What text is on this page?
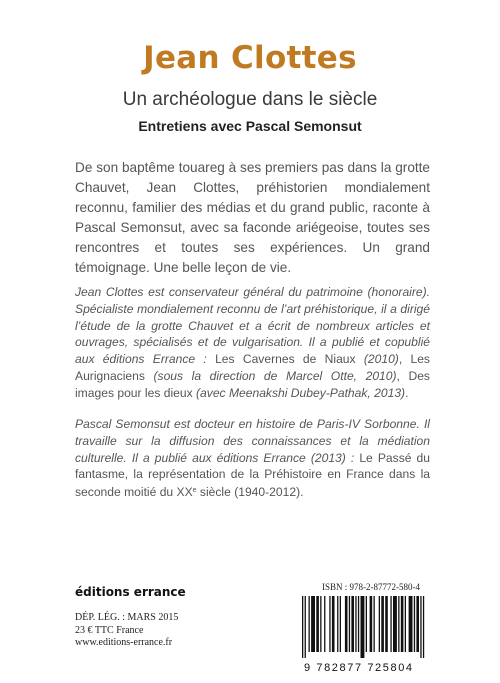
Jean Clottes
Un archéologue dans le siècle
Entretiens avec Pascal Semonsut

De son baptême touareg à ses premiers pas dans la grotte Chauvet, Jean Clottes, préhistorien mondialement reconnu, familier des médias et du grand public, raconte à Pascal Semonsut, avec sa faconde ariégeoise, toutes ses rencontres et toutes ses expériences. Un grand témoignage. Une belle leçon de vie.

Jean Clottes est conservateur général du patrimoine (honoraire). Spécialiste mondialement reconnu de l’art préhistorique, il a dirigé l’étude de la grotte Chauvet et a écrit de nombreux articles et ouvrages, spécialisés et de vulgarisation. Il a publié et copublié aux éditions Errance : Les Cavernes de Niaux (2010), Les Aurignaciens (sous la direction de Marcel Otte, 2010), Des images pour les dieux (avec Meenakshi Dubey-Pathak, 2013).

Pascal Semonsut est docteur en histoire de Paris-IV Sorbonne. Il travaille sur la diffusion des connaissances et la médiation culturelle. Il a publié aux éditions Errance (2013) : Le Passé du fantasme, la représentation de la Préhistoire en France dans la seconde moitié du XXe siècle (1940-2012).

éditions errance
DÉP. LÉG. : MARS 2015
23 € TTC France
www.editions-errance.fr
ISBN : 978-2-87772-580-4
9 782877 725804
